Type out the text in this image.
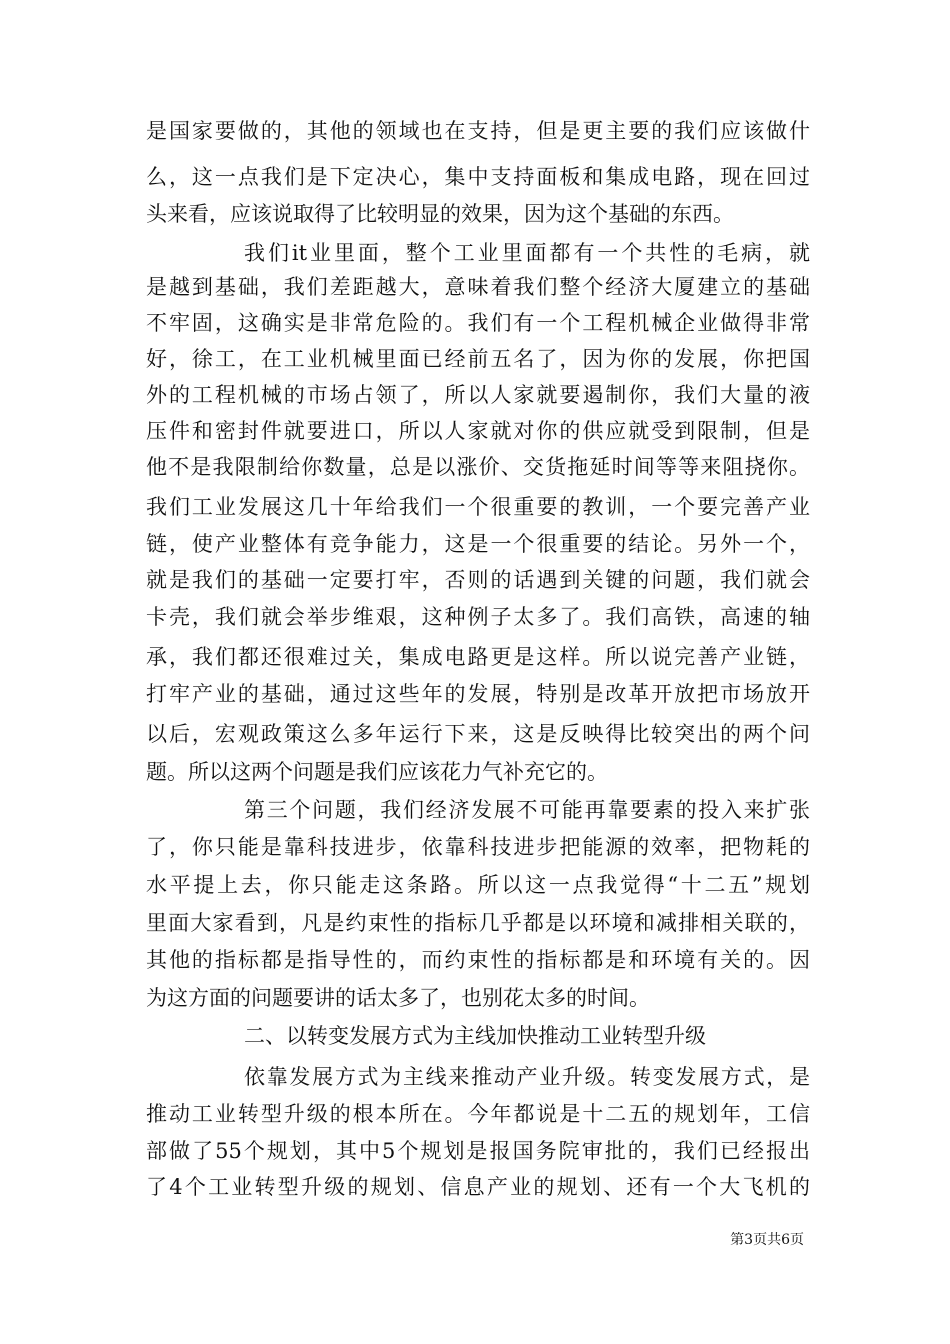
是国家要做的，其他的领域也在支持，但是更主要的我们应该做什
么，这一点我们是下定决心，集中支持面板和集成电路，现在回过
头来看，应该说取得了比较明显的效果，因为这个基础的东西。
我们it业里面，整个工业里面都有一个共性的毛病，就
是越到基础，我们差距越大，意味着我们整个经济大厦建立的基础
不牢固，这确实是非常危险的。我们有一个工程机械企业做得非常
好，徐工，在工业机械里面已经前五名了，因为你的发展，你把国
外的工程机械的市场占领了，所以人家就要遏制你，我们大量的液
压件和密封件就要进口，所以人家就对你的供应就受到限制，但是
他不是我限制给你数量，总是以涨价、交货拖延时间等等来阻挠你。
我们工业发展这几十年给我们一个很重要的教训，一个要完善产业
链，使产业整体有竞争能力，这是一个很重要的结论。另外一个，
就是我们的基础一定要打牢，否则的话遇到关键的问题，我们就会
卡壳，我们就会举步维艰，这种例子太多了。我们高铁，高速的轴
承，我们都还很难过关，集成电路更是这样。所以说完善产业链，
打牢产业的基础，通过这些年的发展，特别是改革开放把市场放开
以后，宏观政策这么多年运行下来，这是反映得比较突出的两个问
题。所以这两个问题是我们应该花力气补充它的。
第三个问题，我们经济发展不可能再靠要素的投入来扩张
了，你只能是靠科技进步，依靠科技进步把能源的效率，把物耗的
水平提上去，你只能走这条路。所以这一点我觉得“十二五”规划
里面大家看到，凡是约束性的指标几乎都是以环境和减排相关联的，
其他的指标都是指导性的，而约束性的指标都是和环境有关的。因
为这方面的问题要讲的话太多了，也别花太多的时间。
二、以转变发展方式为主线加快推动工业转型升级
依靠发展方式为主线来推动产业升级。转变发展方式，是
推动工业转型升级的根本所在。今年都说是十二五的规划年，工信
部做了55个规划，其中5个规划是报国务院审批的，我们已经报出
了4个工业转型升级的规划、信息产业的规划、还有一个大飞机的
第3页共6页
